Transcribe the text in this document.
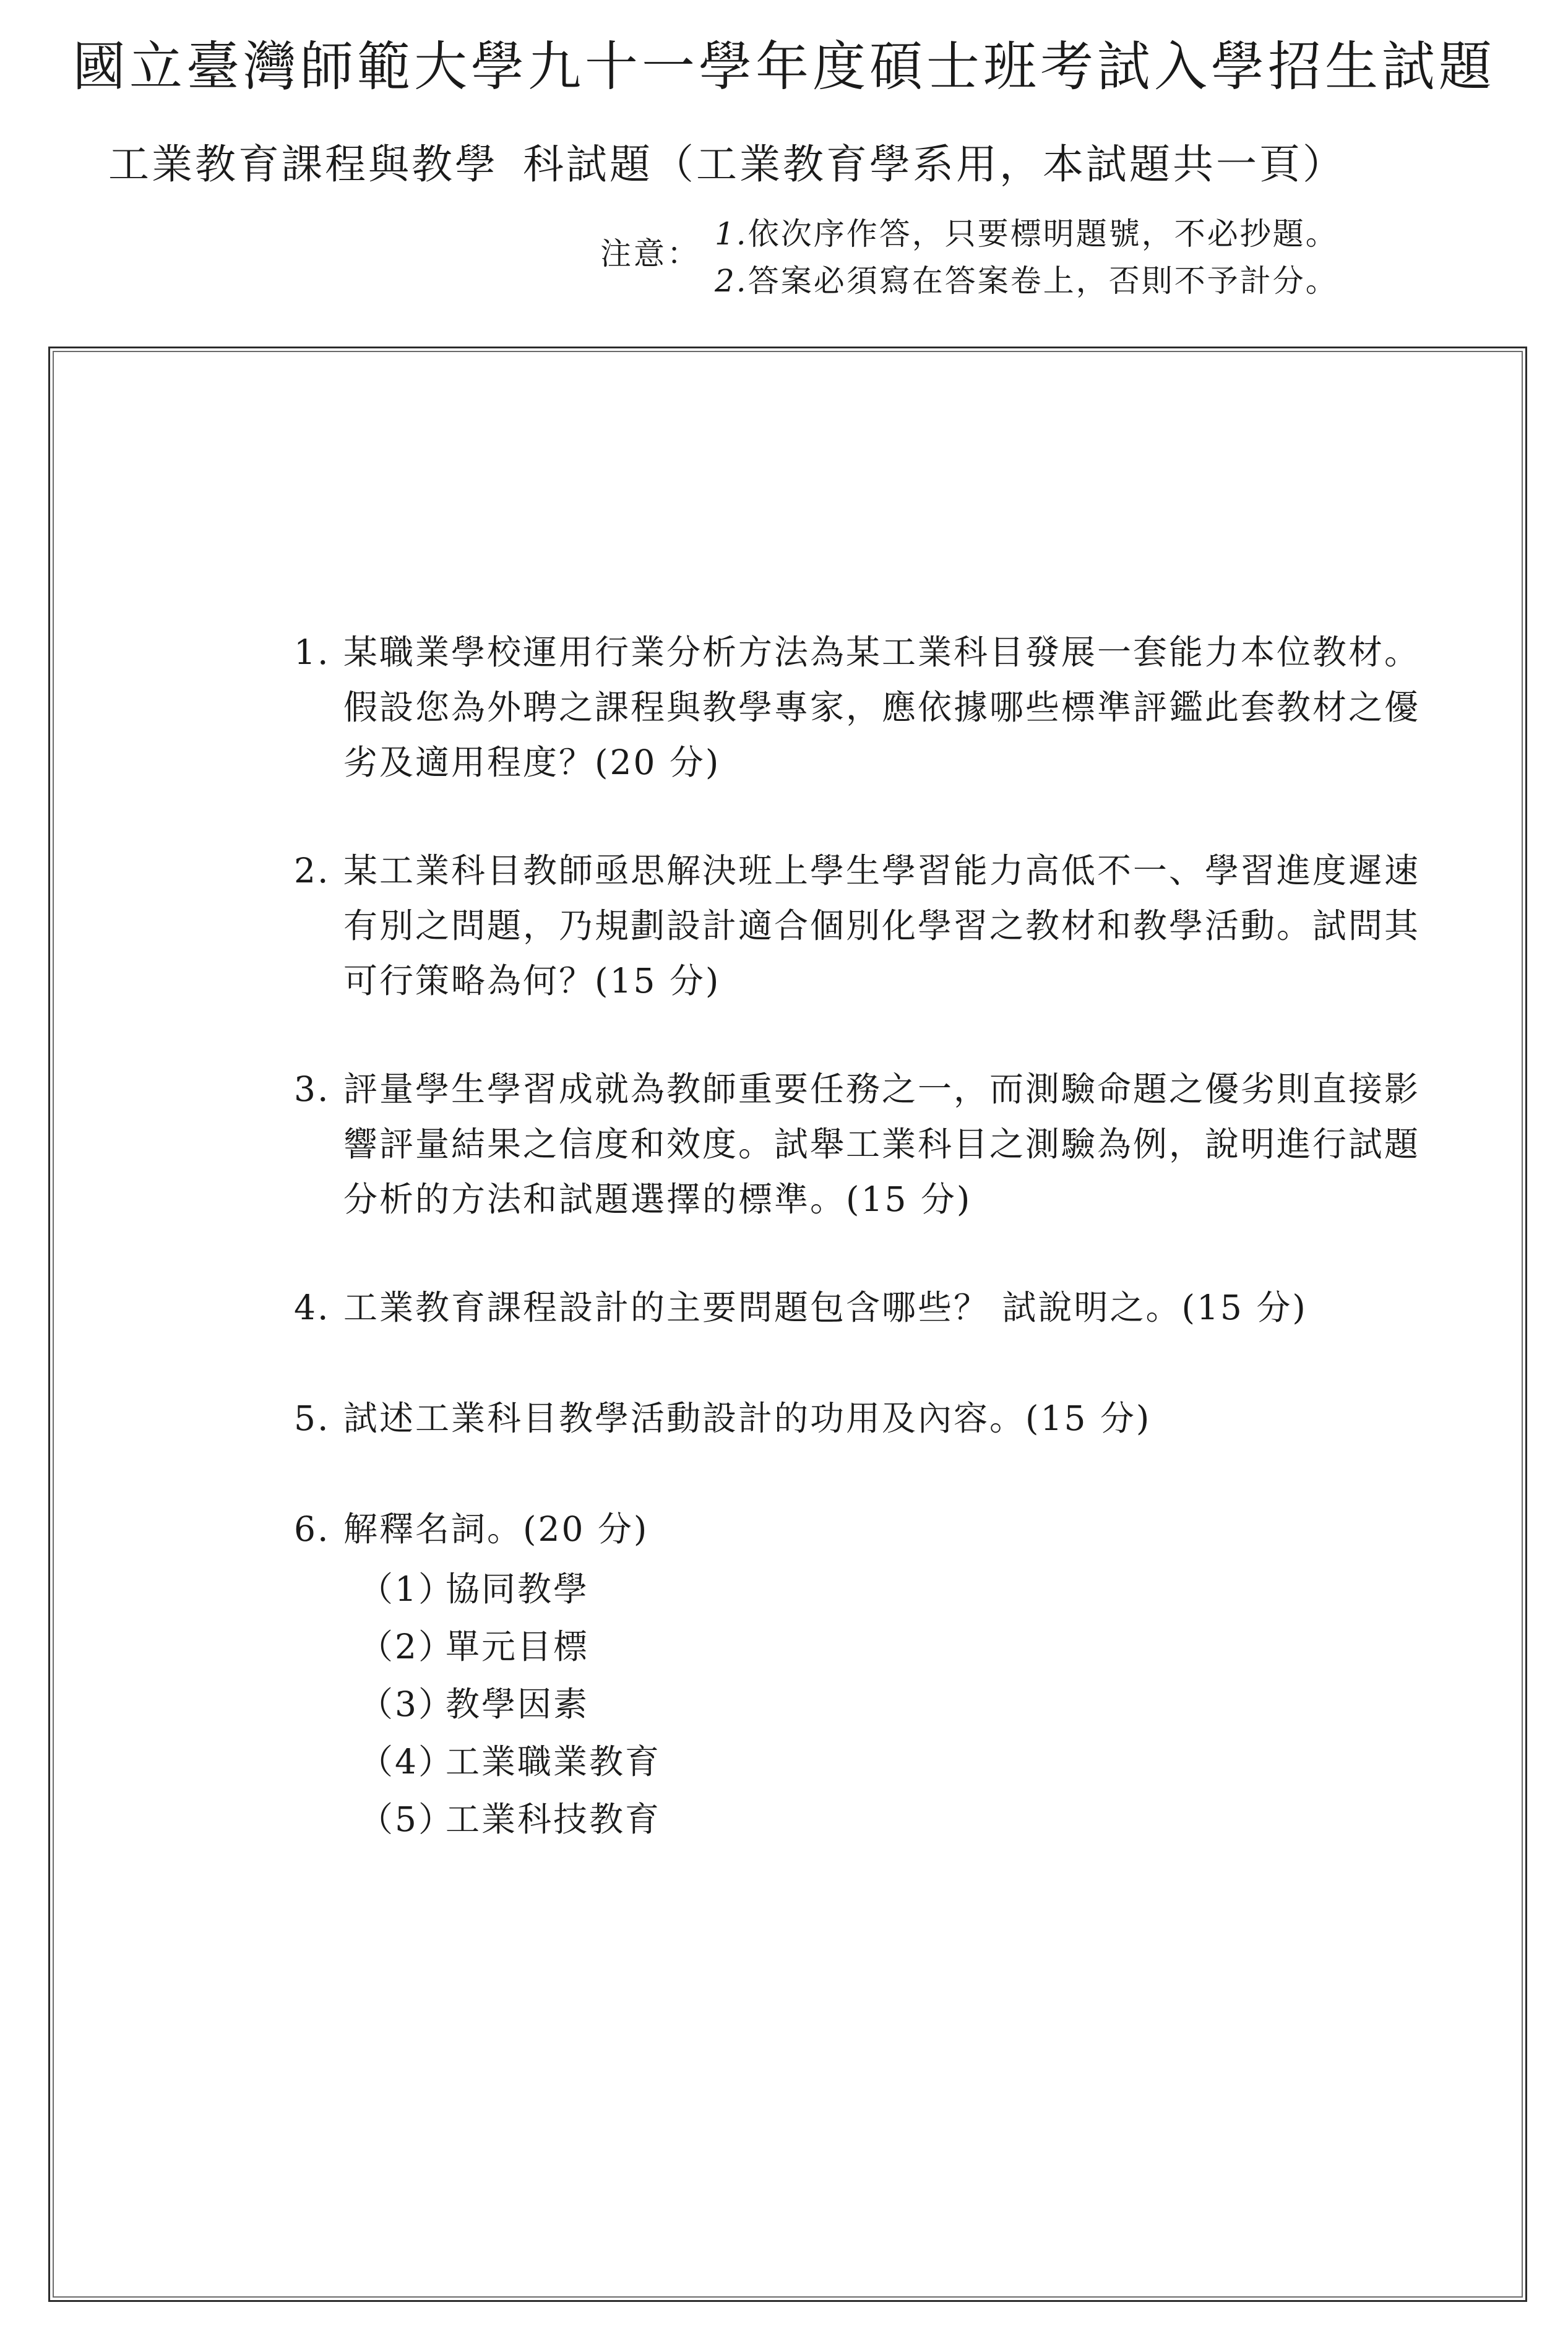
國立臺灣師範大學九十一學年度碩士班考試入學招生試題
工業教育課程與教學 科試題（工業教育學系用，本試題共一頁）
注意：
1.依次序作答，只要標明題號，不必抄題。
2.答案必須寫在答案卷上，否則不予計分。
1. 某職業學校運用行業分析方法為某工業科目發展一套能力本位教材。假設您為外聘之課程與教學專家，應依據哪些標準評鑑此套教材之優劣及適用程度？(20 分)
2. 某工業科目教師亟思解決班上學生學習能力高低不一、學習進度遲速有別之問題，乃規劃設計適合個別化學習之教材和教學活動。試問其可行策略為何？(15 分)
3. 評量學生學習成就為教師重要任務之一，而測驗命題之優劣則直接影響評量結果之信度和效度。試舉工業科目之測驗為例，說明進行試題分析的方法和試題選擇的標準。(15 分)
4. 工業教育課程設計的主要問題包含哪些？ 試說明之。(15 分)
5. 試述工業科目教學活動設計的功用及內容。(15 分)
6. 解釋名詞。(20 分)
（1）協同教學
（2）單元目標
（3）教學因素
（4）工業職業教育
（5）工業科技教育
